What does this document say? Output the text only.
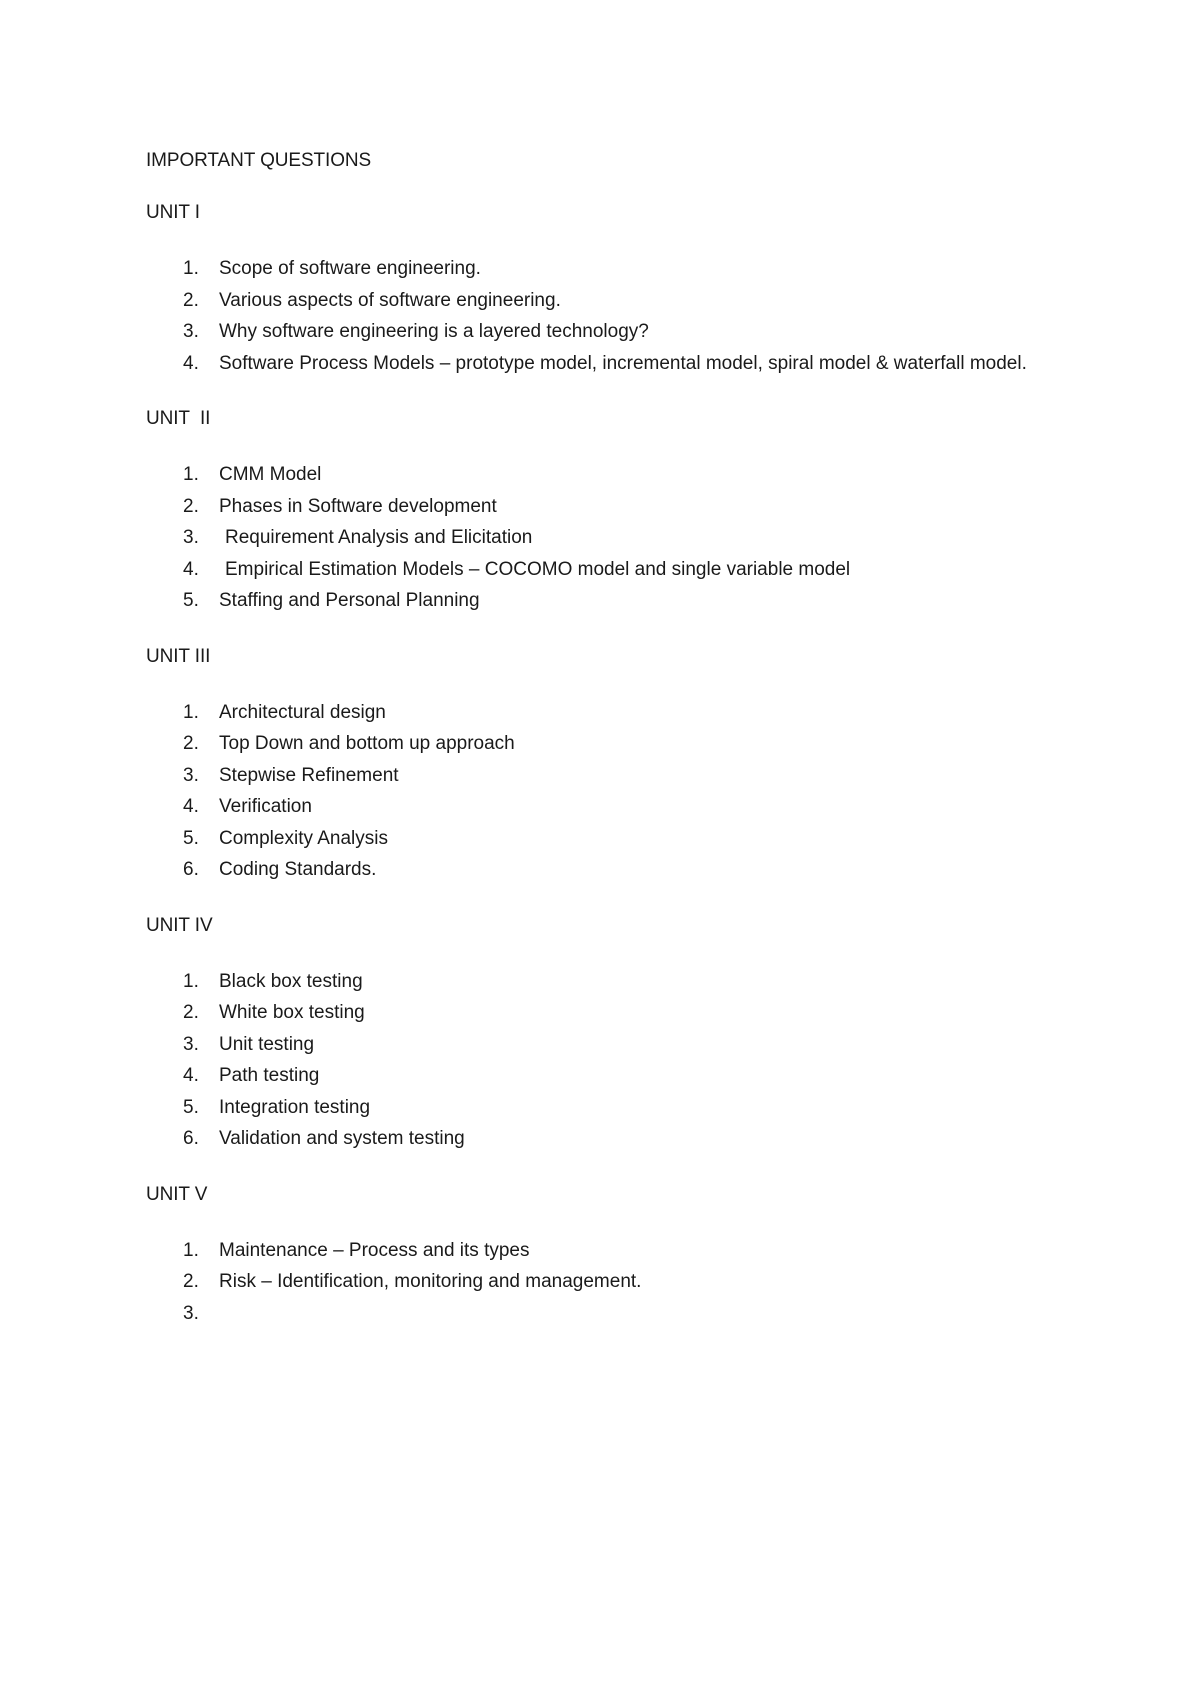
IMPORTANT QUESTIONS
UNIT I
1. Scope of software engineering.
2. Various aspects of software engineering.
3. Why software engineering is a layered technology?
4. Software Process Models – prototype model, incremental model, spiral model & waterfall model.
UNIT  II
1. CMM Model
2. Phases in Software development
3. Requirement Analysis and Elicitation
4. Empirical Estimation Models – COCOMO model and single variable model
5. Staffing and Personal Planning
UNIT III
1. Architectural design
2. Top Down and bottom up approach
3. Stepwise Refinement
4. Verification
5. Complexity Analysis
6. Coding Standards.
UNIT IV
1. Black box testing
2. White box testing
3. Unit testing
4. Path testing
5. Integration testing
6. Validation and system testing
UNIT V
1. Maintenance – Process and its types
2. Risk – Identification, monitoring and management.
3.
